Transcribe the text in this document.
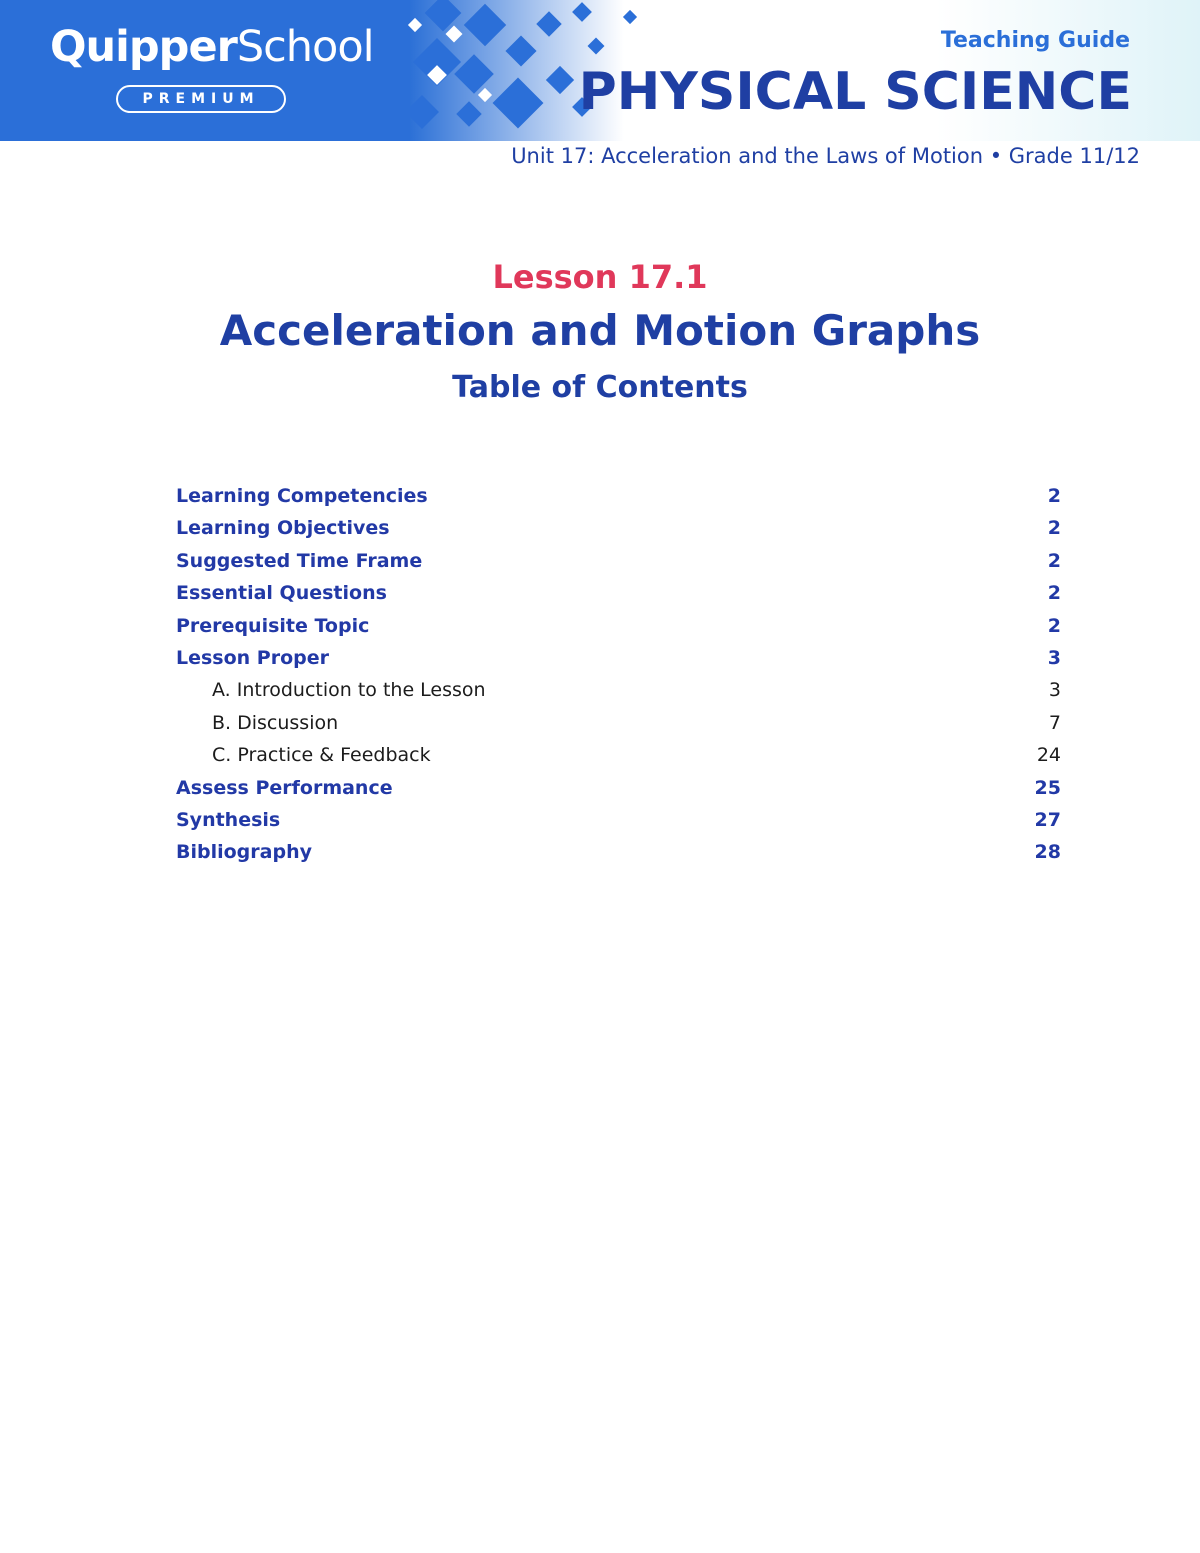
QuipperSchool
PREMIUM
Teaching Guide
PHYSICAL SCIENCE
Unit 17: Acceleration and the Laws of Motion • Grade 11/12
Lesson 17.1
Acceleration and Motion Graphs
Table of Contents
Learning Competencies	2
Learning Objectives	2
Suggested Time Frame	2
Essential Questions	2
Prerequisite Topic	2
Lesson Proper	3
A. Introduction to the Lesson	3
B. Discussion	7
C. Practice & Feedback	24
Assess Performance	25
Synthesis	27
Bibliography	28
